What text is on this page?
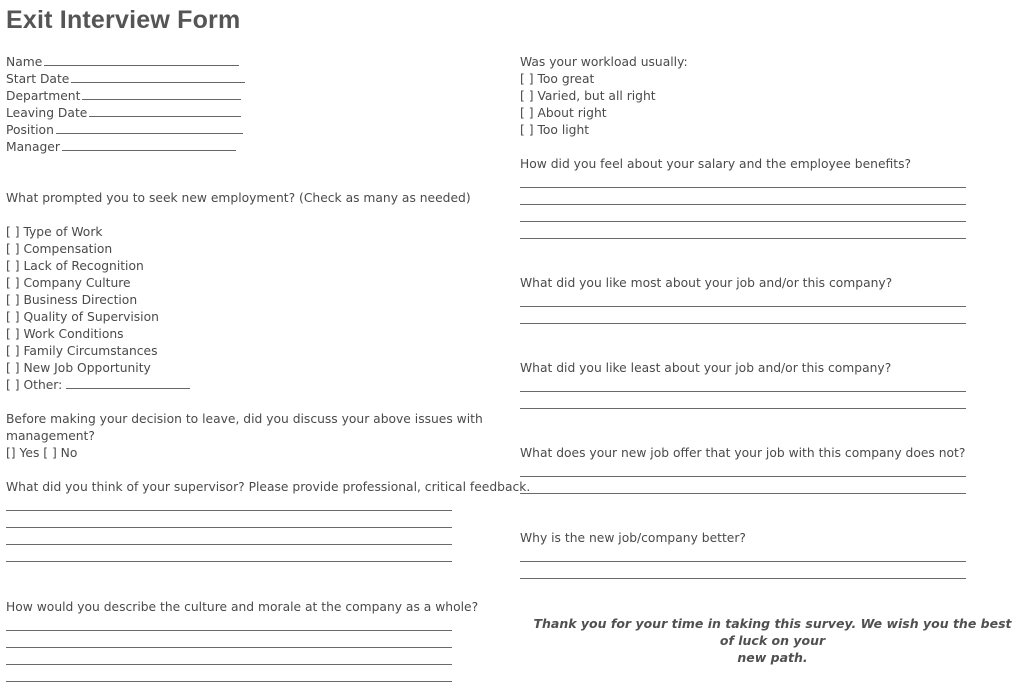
Exit Interview Form
Name
Start Date
Department
Leaving Date
Position
Manager
What prompted you to seek new employment? (Check as many as needed)
[ ] Type of Work
[ ] Compensation
[ ] Lack of Recognition
[ ] Company Culture
[ ] Business Direction
[ ] Quality of Supervision
[ ] Work Conditions
[ ] Family Circumstances
[ ] New Job Opportunity
[ ] Other:
Before making your decision to leave, did you discuss your above issues with
management?
[] Yes [ ] No
What did you think of your supervisor? Please provide professional, critical feedback.
How would you describe the culture and morale at the company as a whole?
Was your workload usually:
[ ] Too great
[ ] Varied, but all right
[ ] About right
[ ] Too light
How did you feel about your salary and the employee benefits?
What did you like most about your job and/or this company?
What did you like least about your job and/or this company?
What does your new job offer that your job with this company does not?
Why is the new job/company better?
Thank you for your time in taking this survey. We wish you the best of luck on your
new path.
